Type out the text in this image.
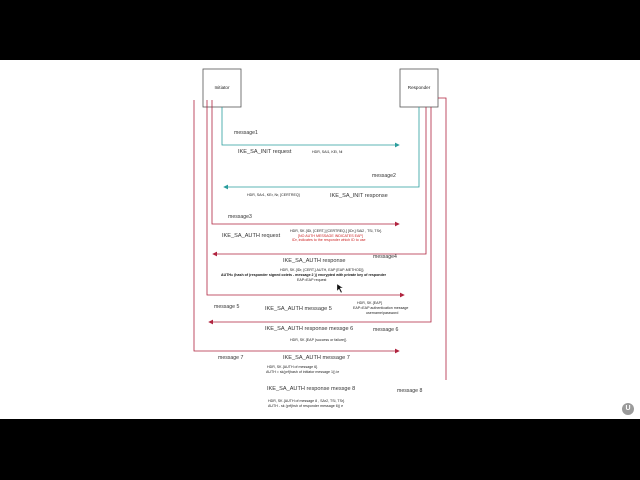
Initiator	Responder
message1
IKE_SA_INIT request	HDR, SAi1, KEi, Ni
message2
HDR, SAr1, KEr, Nr, [CERTREQ]	IKE_SA_INIT response
message3
IKE_SA_AUTH request
HDR, SK {IDi, [CERT,] [CERTREQ,] [IDr,] SAi2 , TSi, TSr}
[NO AUTH MESSAGE INDICATES EAP]
IDr, indicates to the responder which ID to use
message4
IKE_SA_AUTH response
HDR, SK {IDr, [CERT,] AUTH, EAP [EAP-METHOD]}
AUTH= (hash of (responder signed octets - message 2 )) encrypted with private key of responder
EAP=EAP request
message 5	IKE_SA_AUTH message 5
HDR, SK {EAP}
EAP=EAP authentication message
username/password
IKE_SA_AUTH response messge 6	message 6
HDR, SK {EAP (success or failure)}
message 7	IKE_SA_AUTH message 7
HDR, SK {AUTH of message 6}
AUTH = sk(prf(hash of initiator message 1)) ie
IKE_SA_AUTH response messge 8	message 8
HDR, SK {AUTH of message 8 , SAr2, TSi, TSr}
AUTH - sk (prf(hsh of responder message 6)) e	U
